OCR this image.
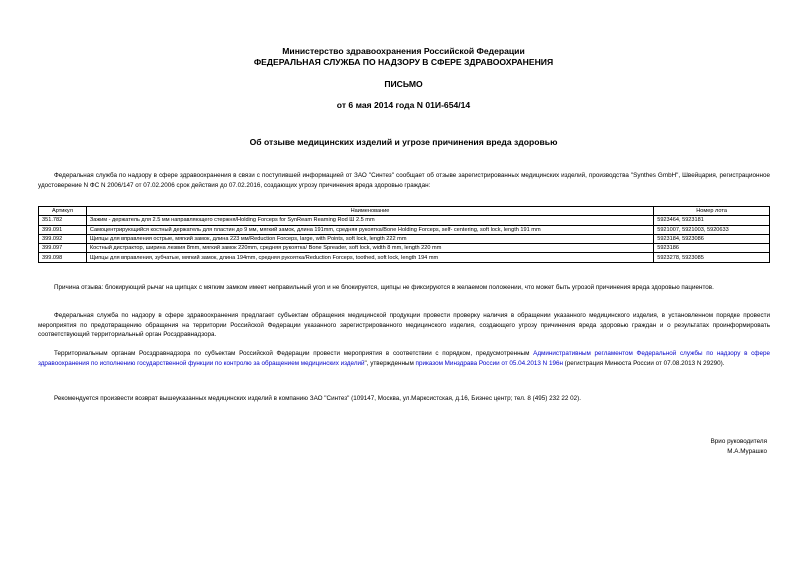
Министерство здравоохранения Российской Федерации
ФЕДЕРАЛЬНАЯ СЛУЖБА ПО НАДЗОРУ В СФЕРЕ ЗДРАВООХРАНЕНИЯ
ПИСЬМО
от 6 мая 2014 года N 01И-654/14
Об отзыве медицинских изделий и угрозе причинения вреда здоровью
Федеральная служба по надзору в сфере здравоохранения в связи с поступившей информацией от ЗАО "Синтез" сообщает об отзыве зарегистрированных медицинских изделий, производства "Synthes GmbH", Швейцария, регистрационное удостоверение N ФС N 2006/147 от 07.02.2006 срок действия до 07.02.2016, создающих угрозу причинения вреда здоровью граждан:
Артикул	Наименование	Номер лота
351.782	Зажим - держатель для 2.5 мм направляющего стержня/Holding Forceps for SynReam Reaming Rod Ш 2.5 mm	5923464, 5923181
399.091	Самоцентрирующийся костный держатель для пластин до 9 мм, мягкий замок, длина 191mm, средняя рукоятка/Bone Holding Forceps, self- centering, soft lock, length 191 mm	5921007, 5921003, 5920633
399.092	Щипцы для вправления острые, мягкий замок, длина 223 мм/Reduction Forceps, large, with Points, soft lock, length 222 mm	5923184, 5923086
399.097	Костный дистрактор, ширина лезвия 8mm, мягкий замок 220mm, средняя рукоятка/ Bone Spreader, soft lock, width 8 mm, length 220 mm	5923186
399.098	Щипцы для вправления, зубчатые, мягкий замок, длина 194mm, средняя рукоятка/Reduction Forceps, toothed, soft lock, length 194 mm	5923278, 5923085
Причина отзыва: блокирующий рычаг на щипцах с мягким замком имеет неправильный угол и не блокируется, щипцы не фиксируются в желаемом положении, что может быть угрозой причинения вреда здоровью пациентов.
Федеральная служба по надзору в сфере здравоохранения предлагает субъектам обращения медицинской продукции провести проверку наличия в обращении указанного медицинского изделия, в установленном порядке провести мероприятия по предотвращению обращения на территории Российской Федерации указанного зарегистрированного медицинского изделия, создающего угрозу причинения вреда здоровью граждан и о результатах проинформировать соответствующий территориальный орган Росздравнадзора.
Территориальным органам Росздравнадзора по субъектам Российской Федерации провести мероприятия в соответствии с порядком, предусмотренным Административным регламентом Федеральной службы по надзору в сфере здравоохранения по исполнению государственной функции по контролю за обращением медицинских изделий", утвержденным приказом Минздрава России от 05.04.2013 N 196н (регистрация Минюста России от 07.08.2013 N 29290).
Рекомендуется произвести возврат вышеуказанных медицинских изделий в компанию ЗАО "Синтез" (109147, Москва, ул.Марксистская, д.16, Бизнес центр; тел. 8 (495) 232 22 02).
Врио руководителя
М.А.Мурашко
